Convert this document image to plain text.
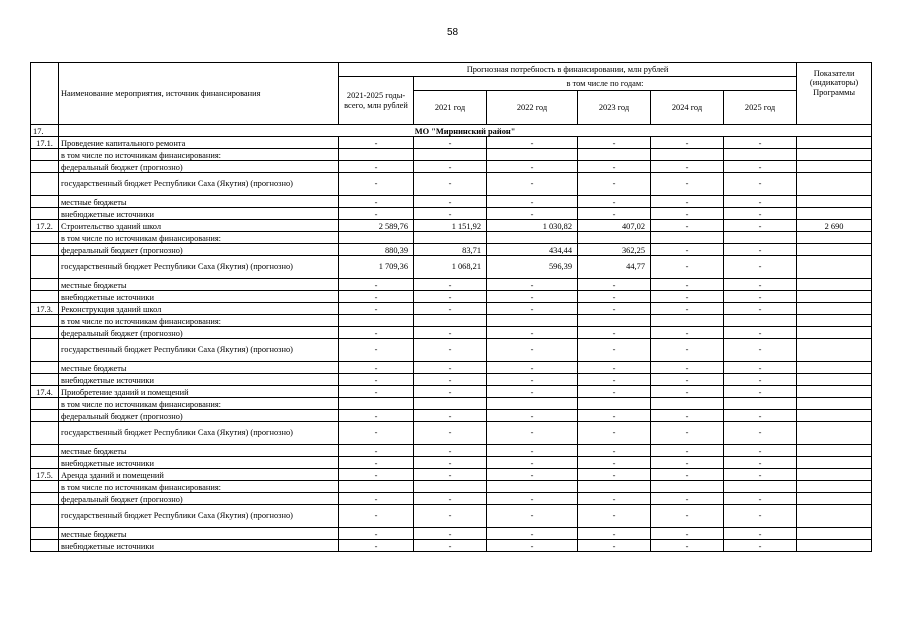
58
	Наименование мероприятия, источник финансирования	Прогнозная потребность в финансировании, млн рублей						Показатели (индикаторы) Программы
		2021-2025 годы- всего, млн рублей	в том числе по годам:					
			2021 год	2022 год	2023 год	2024 год	2025 год	
17.	МО "Мирнинский район"							
17.1.	Проведение капитального ремонта	-	-	-	-	-	-	
	в том числе по источникам финансирования:							
	федеральный бюджет (прогнозно)	-	-	-	-	-	-	
	государственный бюджет Республики Саха (Якутия) (прогнозно)	-	-	-	-	-	-	
	местные бюджеты	-	-	-	-	-	-	
	внебюджетные источники	-	-	-	-	-	-	
17.2.	Строительство зданий школ	2 589,76	1 151,92	1 030,82	407,02	-	-	2 690
	в том числе по источникам финансирования:							
	федеральный бюджет (прогнозно)	880,39	83,71	434,44	362,25	-	-	
	государственный бюджет Республики Саха (Якутия) (прогнозно)	1 709,36	1 068,21	596,39	44,77	-	-	
	местные бюджеты	-	-	-	-	-	-	
	внебюджетные источники	-	-	-	-	-	-	
17.3.	Реконструкция зданий школ	-	-	-	-	-	-	
	в том числе по источникам финансирования:							
	федеральный бюджет (прогнозно)	-	-	-	-	-	-	
	государственный бюджет Республики Саха (Якутия) (прогнозно)	-	-	-	-	-	-	
	местные бюджеты	-	-	-	-	-	-	
	внебюджетные источники	-	-	-	-	-	-	
17.4.	Приобретение зданий и помещений	-	-	-	-	-	-	
	в том числе по источникам финансирования:							
	федеральный бюджет (прогнозно)	-	-	-	-	-	-	
	государственный бюджет Республики Саха (Якутия) (прогнозно)	-	-	-	-	-	-	
	местные бюджеты	-	-	-	-	-	-	
	внебюджетные источники	-	-	-	-	-	-	
17.5.	Аренда зданий и помещений	-	-	-	-	-	-	
	в том числе по источникам финансирования:							
	федеральный бюджет (прогнозно)	-	-	-	-	-	-	
	государственный бюджет Республики Саха (Якутия) (прогнозно)	-	-	-	-	-	-	
	местные бюджеты	-	-	-	-	-	-	
	внебюджетные источники	-	-	-	-	-	-	
